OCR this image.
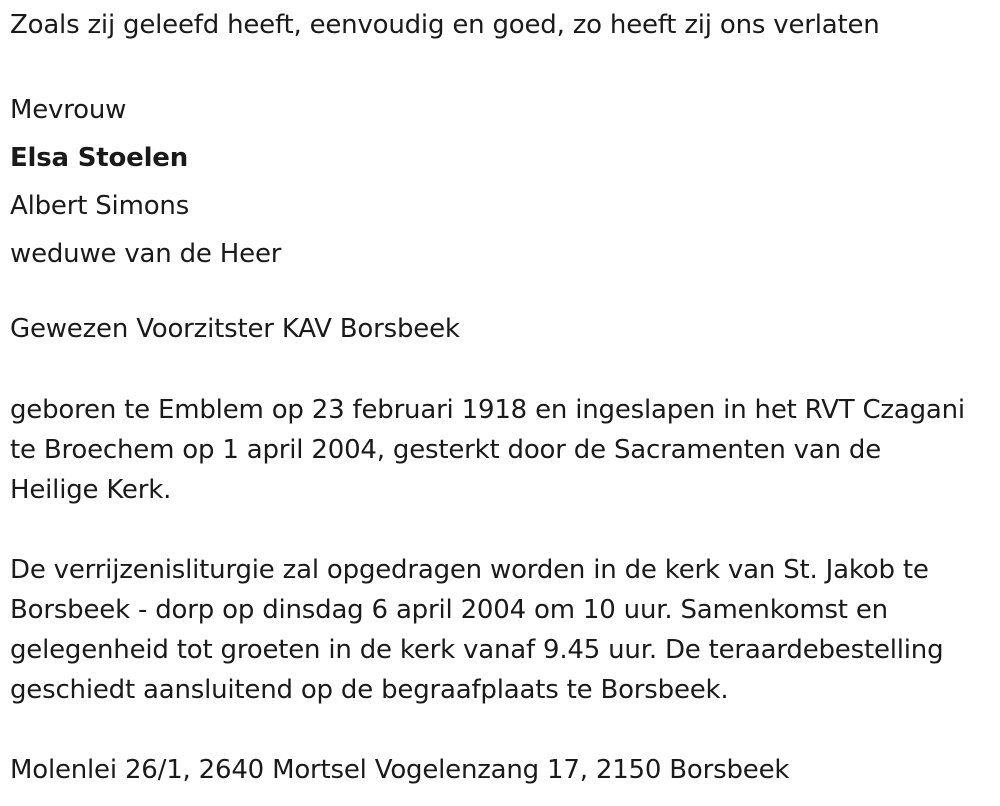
Zoals zij geleefd heeft, eenvoudig en goed, zo heeft zij ons verlaten

Mevrouw

Elsa Stoelen

Albert Simons

weduwe van de Heer

Gewezen Voorzitster KAV Borsbeek

geboren te Emblem op 23 februari 1918 en ingeslapen in het RVT Czagani

te Broechem op 1 april 2004, gesterkt door de Sacramenten van de

Heilige Kerk.

De verrijzenisliturgie zal opgedragen worden in de kerk van St. Jakob te

Borsbeek - dorp op dinsdag 6 april 2004 om 10 uur. Samenkomst en

gelegenheid tot groeten in de kerk vanaf 9.45 uur. De teraardebestelling

geschiedt aansluitend op de begraafplaats te Borsbeek.

Molenlei 26/1, 2640 Mortsel Vogelenzang 17, 2150 Borsbeek
